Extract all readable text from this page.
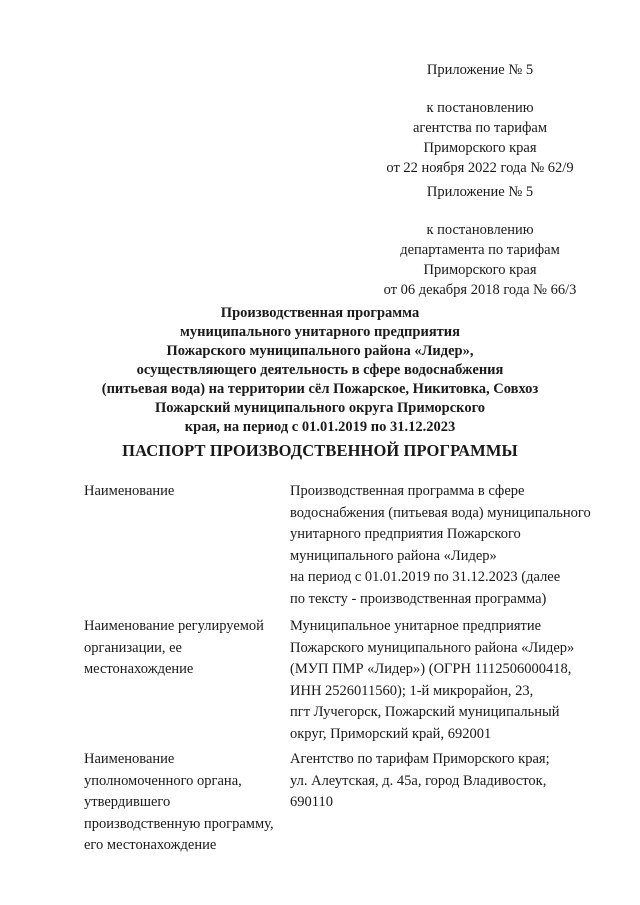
Приложение № 5
к постановлению
агентства по тарифам
Приморского края
от 22 ноября 2022 года № 62/9
Приложение № 5
к постановлению
департамента по тарифам
Приморского края
от 06 декабря 2018 года № 66/3
Производственная программа
муниципального унитарного предприятия
Пожарского муниципального района «Лидер»,
осуществляющего деятельность в сфере водоснабжения
(питьевая вода) на территории сёл Пожарское, Никитовка, Совхоз
Пожарский муниципального округа Приморского
края, на период с 01.01.2019 по 31.12.2023
ПАСПОРТ ПРОИЗВОДСТВЕННОЙ ПРОГРАММЫ
Наименование	Производственная программа в сфере
водоснабжения (питьевая вода) муниципального
унитарного предприятия Пожарского
муниципального района «Лидер»
на период с 01.01.2019 по 31.12.2023 (далее
по тексту - производственная программа)
Наименование регулируемой
организации, ее
местонахождение
Муниципальное унитарное предприятие
Пожарского муниципального района «Лидер»
(МУП ПМР «Лидер») (ОГРН 1112506000418,
ИНН 2526011560); 1-й микрорайон, 23,
пгт Лучегорск, Пожарский муниципальный
округ, Приморский край, 692001
Наименование
уполномоченного органа,
утвердившего
производственную программу,
его местонахождение
Агентство по тарифам Приморского края;
ул. Алеутская, д. 45а, город Владивосток,
690110
